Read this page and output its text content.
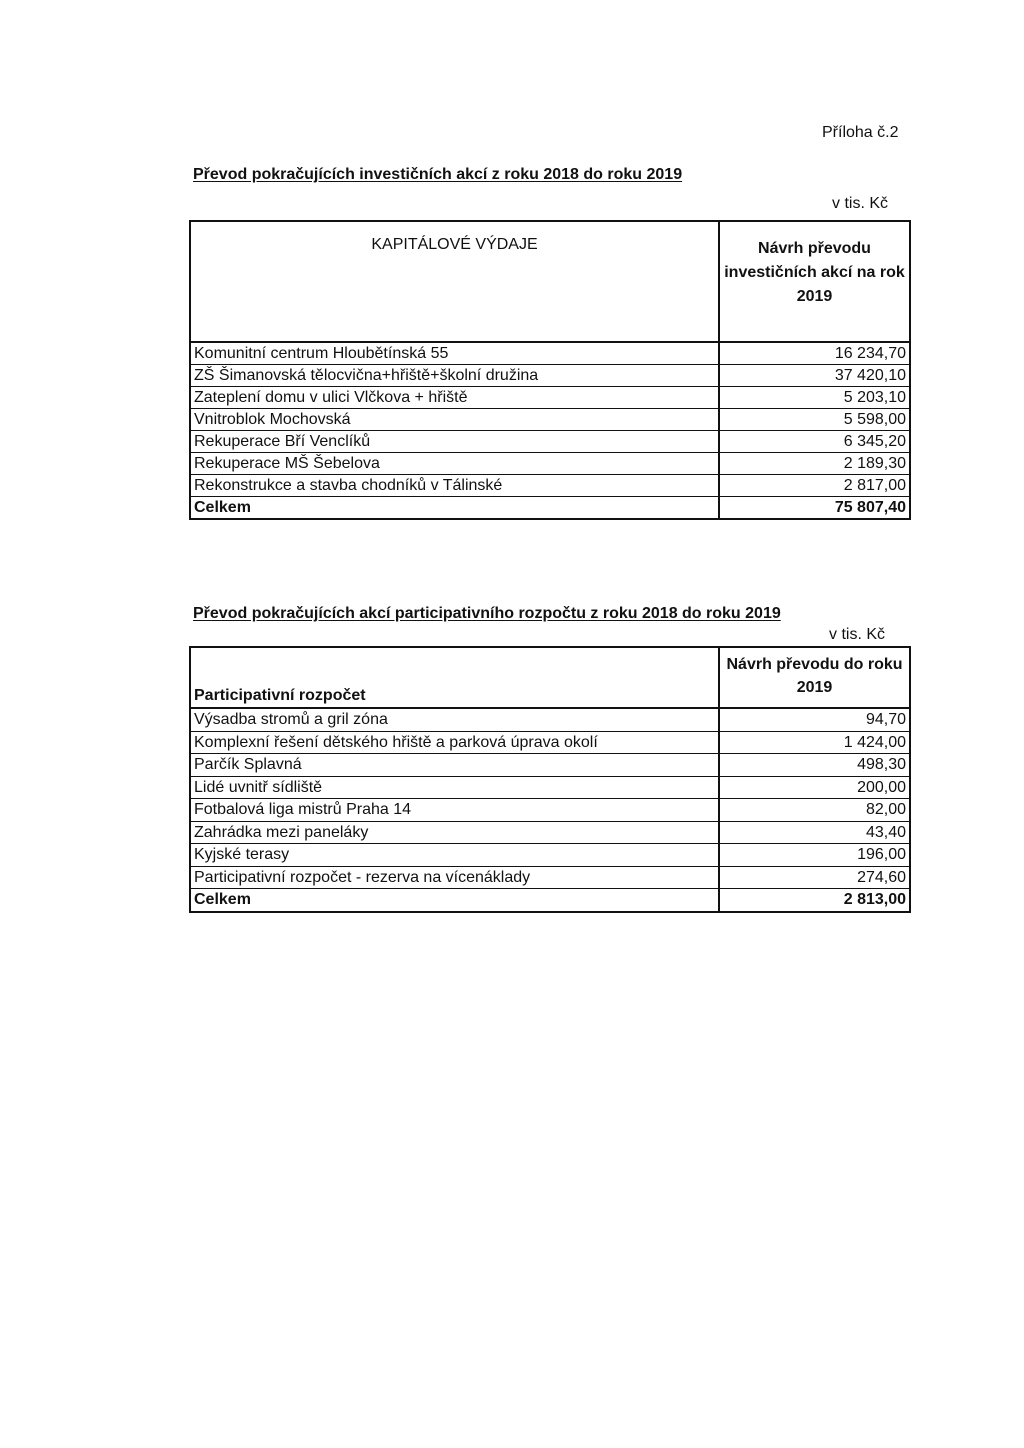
Příloha č.2
Převod pokračujících investičních akcí z roku 2018 do roku 2019
v tis. Kč
KAPITÁLOVÉ VÝDAJE	Návrh převodu investičních akcí na rok 2019
Komunitní centrum Hloubětínská 55	16 234,70
ZŠ Šimanovská tělocvična+hřiště+školní družina	37 420,10
Zateplení domu v ulici Vlčkova + hřiště	5 203,10
Vnitroblok Mochovská	5 598,00
Rekuperace Bří Venclíků	6 345,20
Rekuperace MŠ Šebelova	2 189,30
Rekonstrukce a stavba chodníků v Tálinské	2 817,00
Celkem	75 807,40
Převod pokračujících akcí participativního rozpočtu z roku 2018 do roku 2019
v tis. Kč
Participativní rozpočet	Návrh převodu do roku 2019
Výsadba stromů a gril zóna	94,70
Komplexní řešení dětského hřiště a parková úprava okolí	1 424,00
Parčík Splavná	498,30
Lidé uvnitř sídliště	200,00
Fotbalová liga mistrů Praha 14	82,00
Zahrádka mezi paneláky	43,40
Kyjské terasy	196,00
Participativní rozpočet - rezerva na vícenáklady	274,60
Celkem	2 813,00
